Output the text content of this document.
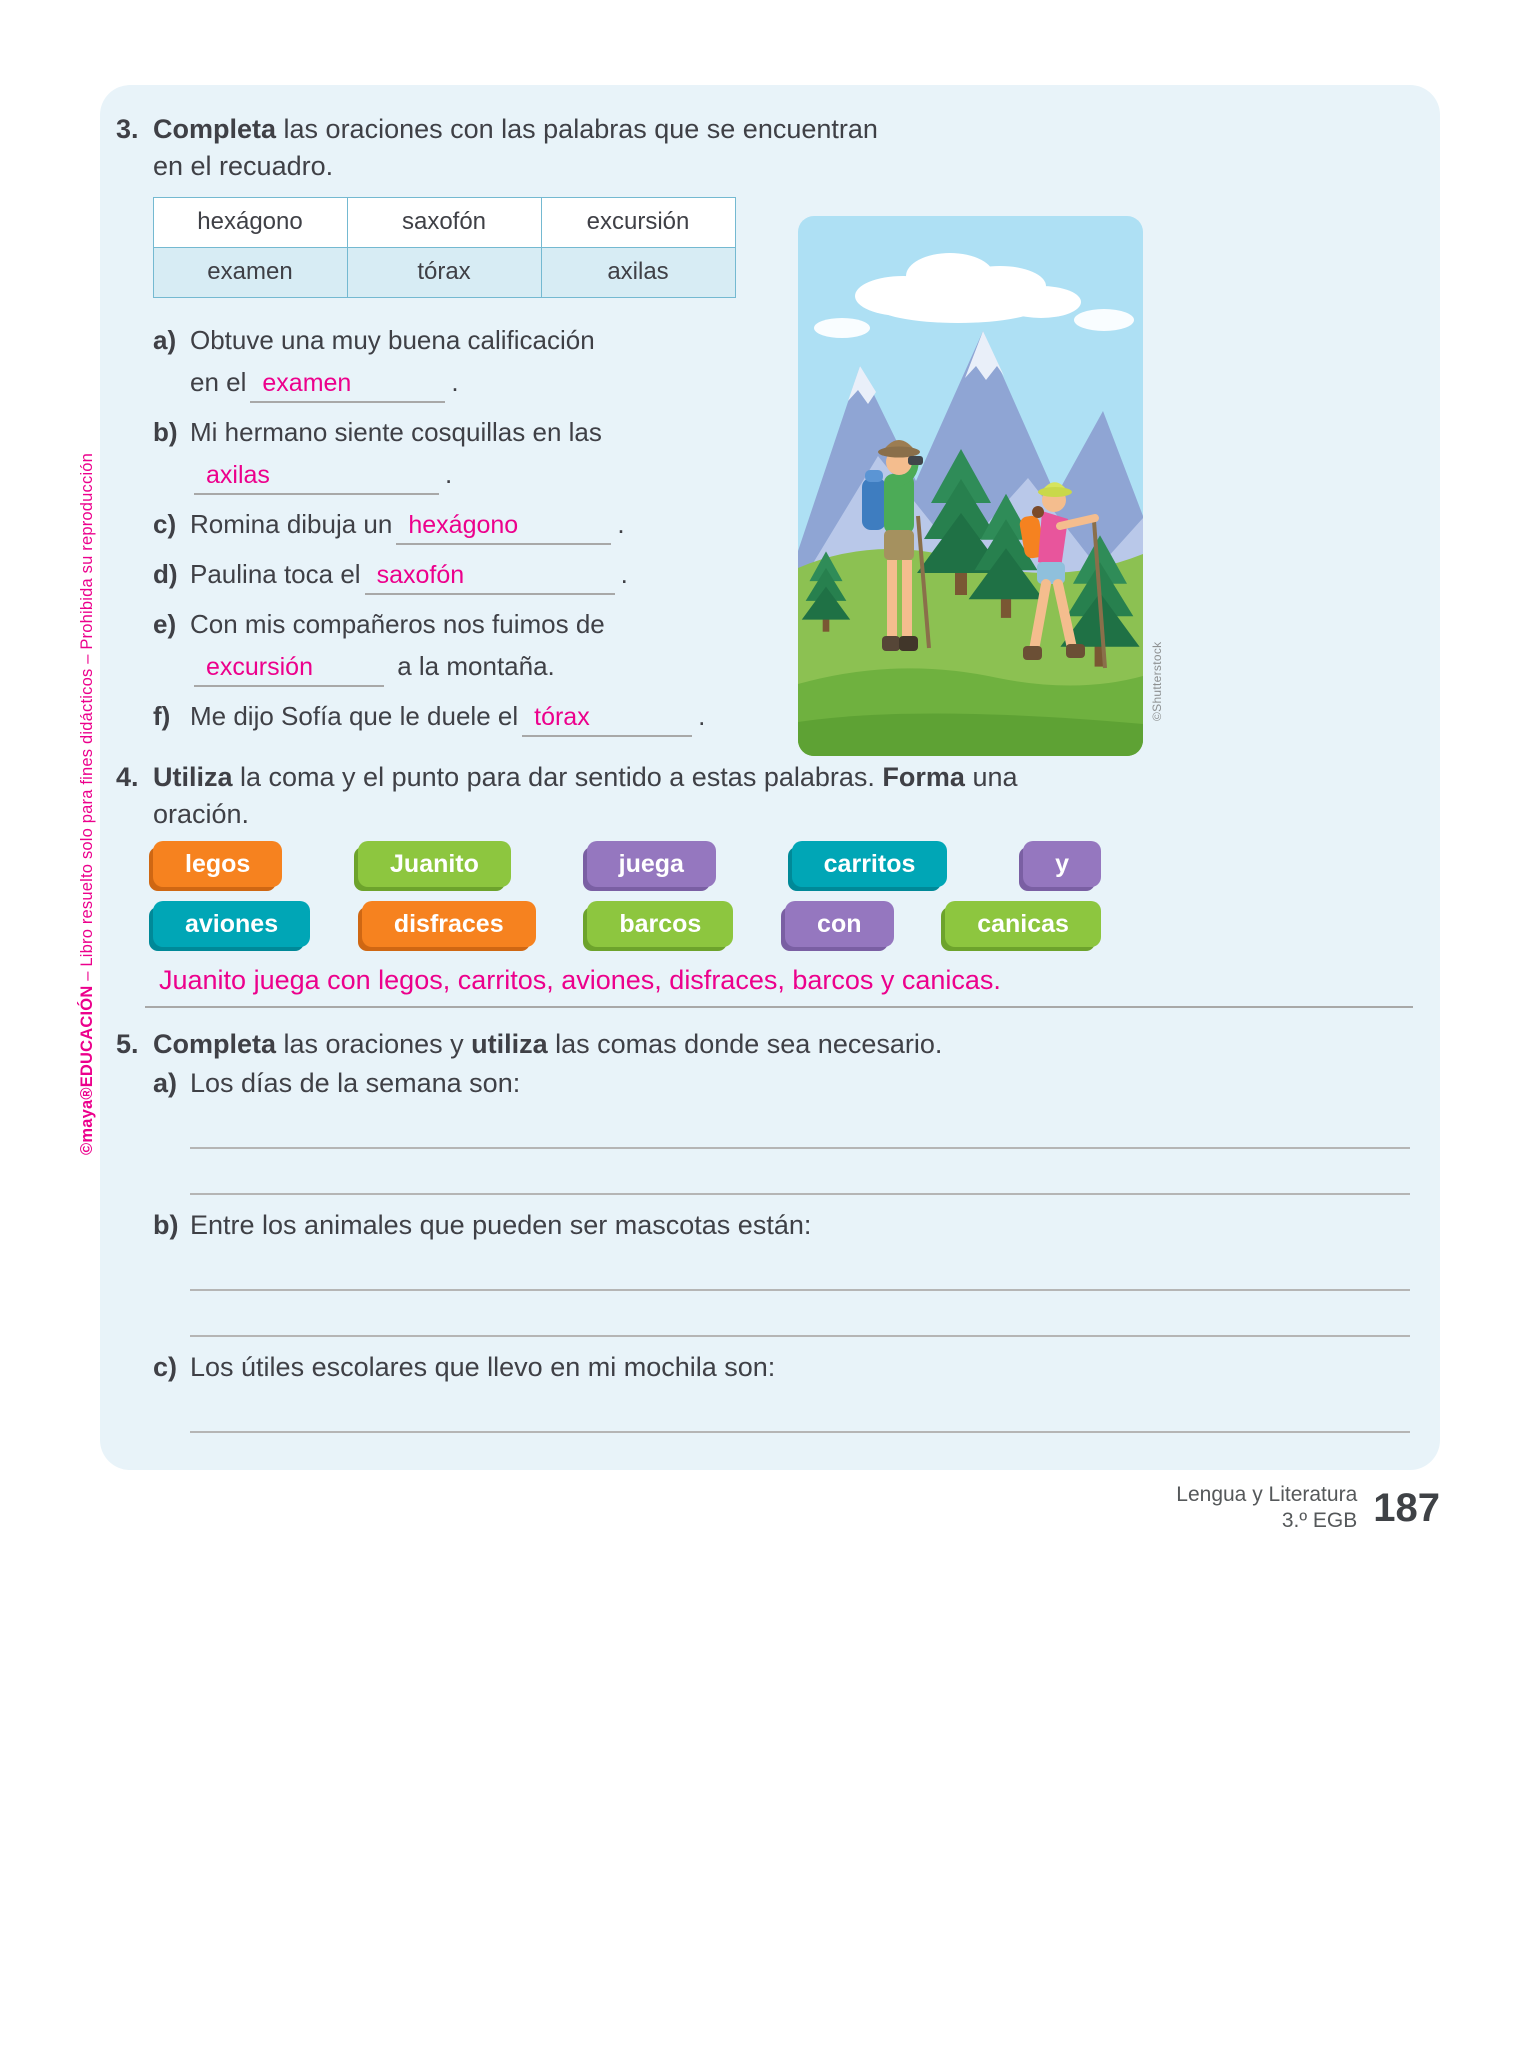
©maya®EDUCACIÓN – Libro resuelto solo para fines didácticos – Prohibida su reproducción
3. Completa las oraciones con las palabras que se encuentran
en el recuadro.
hexágono	saxofón	excursión
examen	tórax	axilas
a) Obtuve una muy buena calificación
en el examen	.
b) Mi hermano siente cosquillas en las
axilas	.
c) Romina dibuja un hexágono	.
d) Paulina toca el saxofón	.
e) Con mis compañeros nos fuimos de
excursión	a la montaña.
f) Me dijo Sofía que le duele el tórax	.	©Shutterstock
4. Utiliza la coma y el punto para dar sentido a estas palabras. Forma una
oración.
legos	Juanito	juega	carritos	y
aviones	disfraces	barcos	con	canicas
Juanito juega con legos, carritos, aviones, disfraces, barcos y canicas.
5. Completa las oraciones y utiliza las comas donde sea necesario.
a) Los días de la semana son:
b) Entre los animales que pueden ser mascotas están:
c) Los útiles escolares que llevo en mi mochila son:
Lengua y Literatura
3.º EGB 187
